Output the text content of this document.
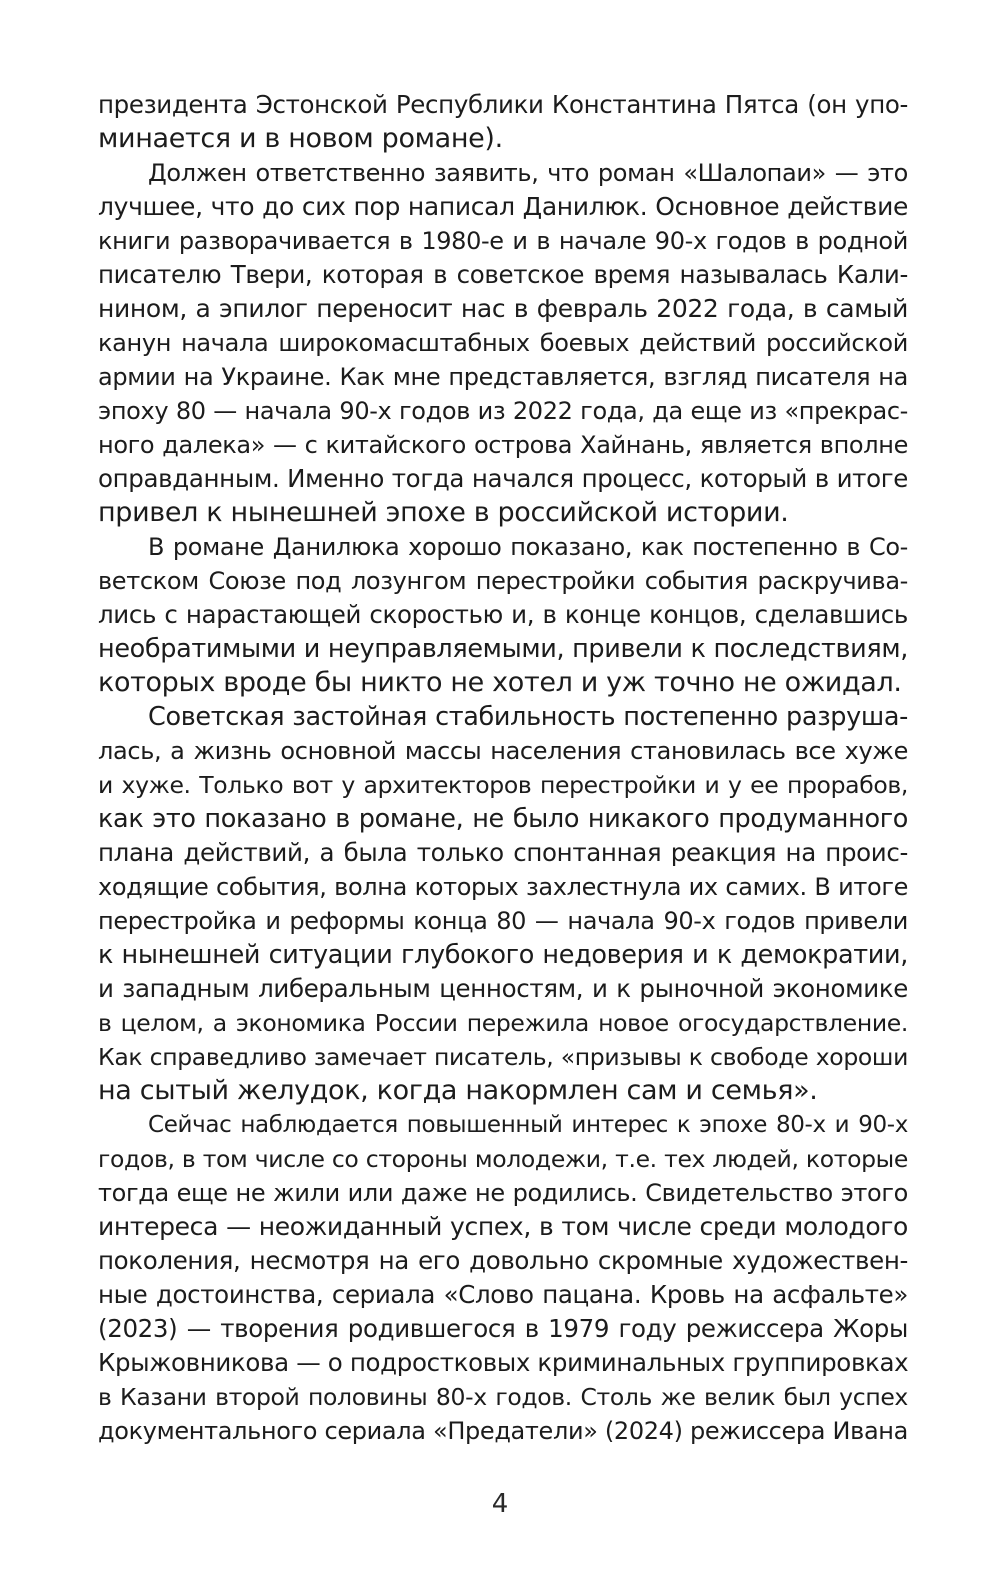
президента Эстонской Республики Константина Пятса (он упо-
минается и в новом романе).
Должен ответственно заявить, что роман «Шалопаи» — это
лучшее, что до сих пор написал Данилюк. Основное действие
книги разворачивается в 1980-е и в начале 90-х годов в родной
писателю Твери, которая в советское время называлась Кали-
нином, а эпилог переносит нас в февраль 2022 года, в самый
канун начала широкомасштабных боевых действий российской
армии на Украине. Как мне представляется, взгляд писателя на
эпоху 80 — начала 90-х годов из 2022 года, да еще из «прекрас-
ного далека» — с китайского острова Хайнань, является вполне
оправданным. Именно тогда начался процесс, который в итоге
привел к нынешней эпохе в российской истории.
В романе Данилюка хорошо показано, как постепенно в Со-
ветском Союзе под лозунгом перестройки события раскручива-
лись с нарастающей скоростью и, в конце концов, сделавшись
необратимыми и неуправляемыми, привели к последствиям,
которых вроде бы никто не хотел и уж точно не ожидал.
Советская застойная стабильность постепенно разруша-
лась, а жизнь основной массы населения становилась все хуже
и хуже. Только вот у архитекторов перестройки и у ее прорабов,
как это показано в романе, не было никакого продуманного
плана действий, а была только спонтанная реакция на проис-
ходящие события, волна которых захлестнула их самих. В итоге
перестройка и реформы конца 80 — начала 90-х годов привели
к нынешней ситуации глубокого недоверия и к демократии,
и западным либеральным ценностям, и к рыночной экономике
в целом, а экономика России пережила новое огосударствление.
Как справедливо замечает писатель, «призывы к свободе хороши
на сытый желудок, когда накормлен сам и семья».
Сейчас наблюдается повышенный интерес к эпохе 80-х и 90-х
годов, в том числе со стороны молодежи, т.е. тех людей, которые
тогда еще не жили или даже не родились. Свидетельство этого
интереса — неожиданный успех, в том числе среди молодого
поколения, несмотря на его довольно скромные художествен-
ные достоинства, сериала «Слово пацана. Кровь на асфальте»
(2023) — творения родившегося в 1979 году режиссера Жоры
Крыжовникова — о подростковых криминальных группировках
в Казани второй половины 80-х годов. Столь же велик был успех
документального сериала «Предатели» (2024) режиссера Ивана
4
